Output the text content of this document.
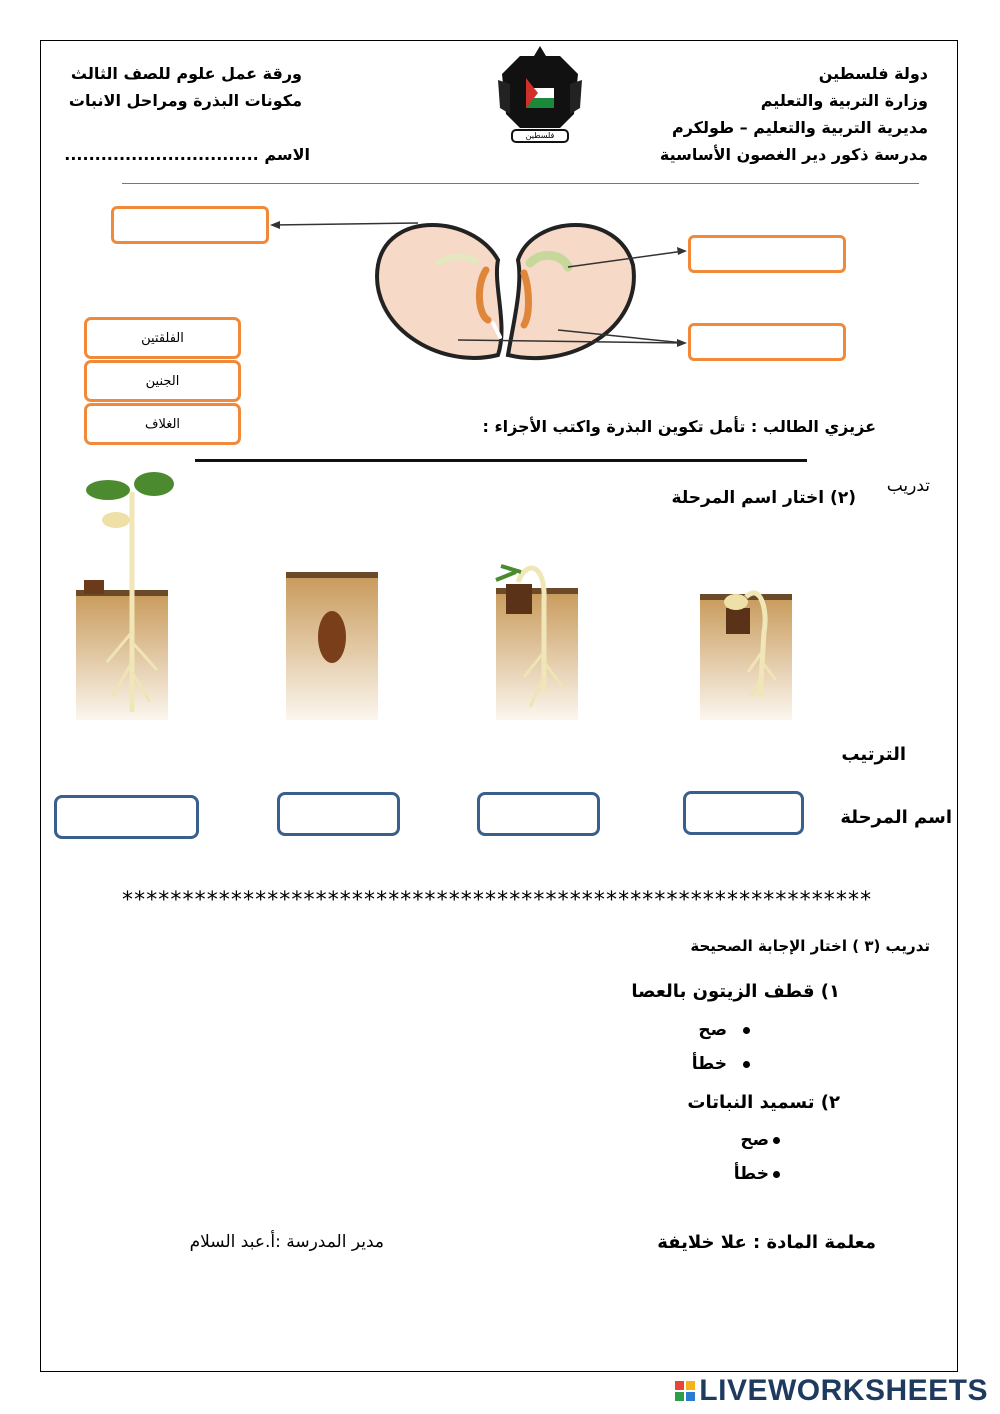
دولة فلسطين
وزارة التربية والتعليم
مديرية التربية والتعليم – طولكرم
مدرسة ذكور دير الغصون الأساسية
ورقة عمل علوم للصف الثالث
مكونات البذرة ومراحل الانبات
الاسم ................................
فلسطين
الفلقتين
الجنين
الغلاف	عزيزي الطالب : تأمل تكوين البذرة واكتب الأجزاء :
تدريب
(٢) اختار اسم المرحلة
الترتيب
اسم المرحلة
**************************************************************
تدريب (٣ ) اختار الإجابة الصحيحة
١) قطف الزيتون بالعصا
صح
خطأ
٢) تسميد النباتات
صح
خطأ
معلمة المادة : علا خلايفة
مدير المدرسة :أ.عبد السلام
LIVEWORKSHEETS
